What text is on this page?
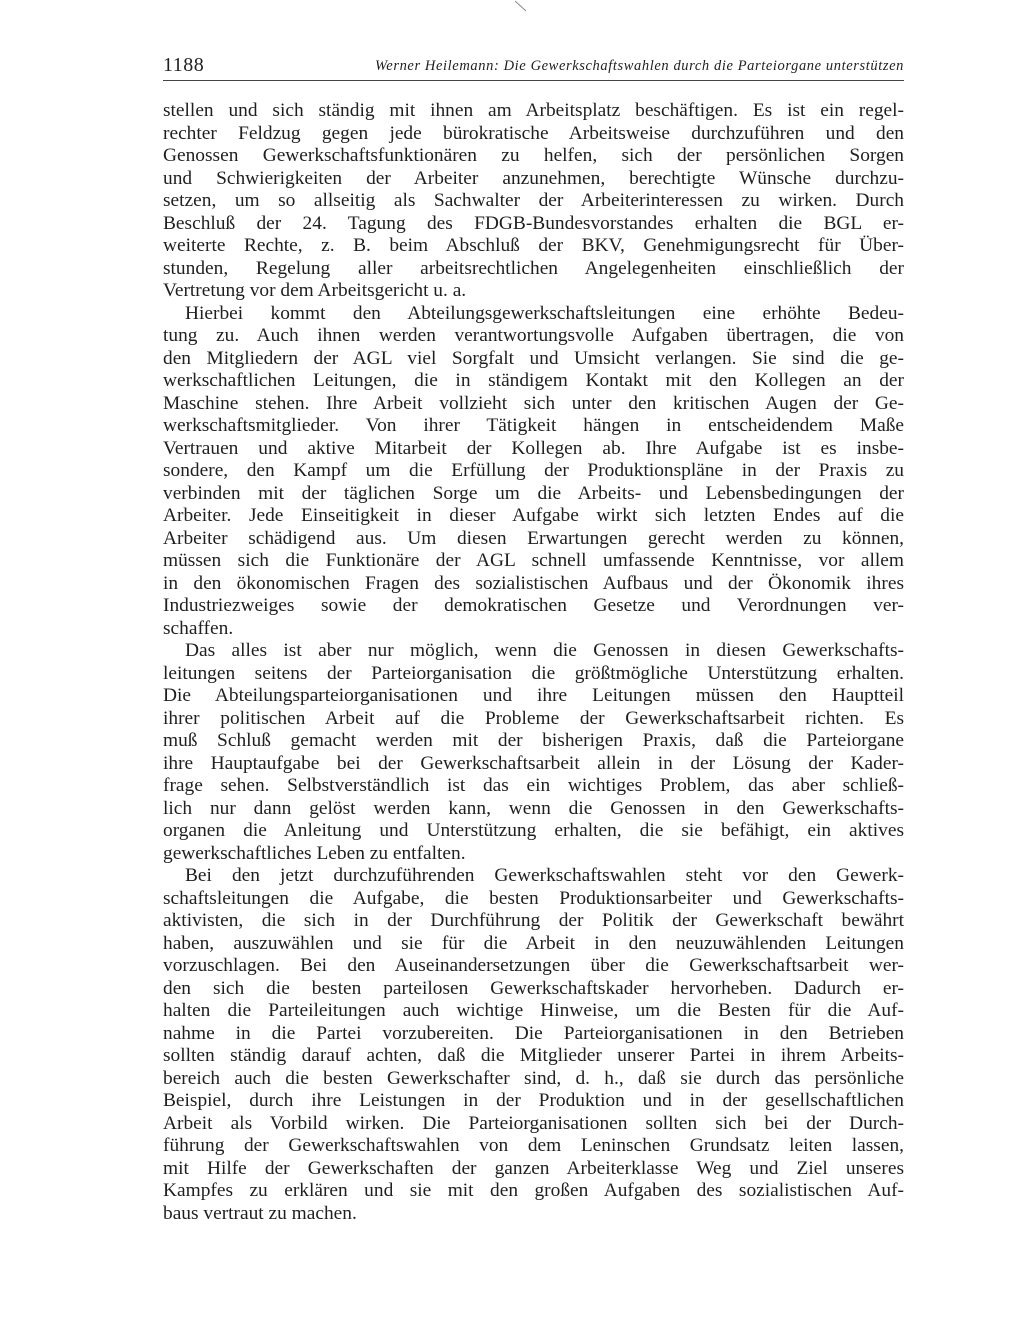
1188	Werner Heilemann: Die Gewerkschaftswahlen durch die Parteiorgane unterstützen
stellen und sich ständig mit ihnen am Arbeitsplatz beschäftigen. Es ist ein regel-
rechter Feldzug gegen jede bürokratische Arbeitsweise durchzuführen und den
Genossen Gewerkschaftsfunktionären zu helfen, sich der persönlichen Sorgen
und Schwierigkeiten der Arbeiter anzunehmen, berechtigte Wünsche durchzu-
setzen, um so allseitig als Sachwalter der Arbeiterinteressen zu wirken. Durch
Beschluß der 24. Tagung des FDGB-Bundesvorstandes erhalten die BGL er-
weiterte Rechte, z. B. beim Abschluß der BKV, Genehmigungsrecht für Über-
stunden, Regelung aller arbeitsrechtlichen Angelegenheiten einschließlich der
Vertretung vor dem Arbeitsgericht u. a.
Hierbei kommt den Abteilungsgewerkschaftsleitungen eine erhöhte Bedeu-
tung zu. Auch ihnen werden verantwortungsvolle Aufgaben übertragen, die von
den Mitgliedern der AGL viel Sorgfalt und Umsicht verlangen. Sie sind die ge-
werkschaftlichen Leitungen, die in ständigem Kontakt mit den Kollegen an der
Maschine stehen. Ihre Arbeit vollzieht sich unter den kritischen Augen der Ge-
werkschaftsmitglieder. Von ihrer Tätigkeit hängen in entscheidendem Maße
Vertrauen und aktive Mitarbeit der Kollegen ab. Ihre Aufgabe ist es insbe-
sondere, den Kampf um die Erfüllung der Produktionspläne in der Praxis zu
verbinden mit der täglichen Sorge um die Arbeits- und Lebensbedingungen der
Arbeiter. Jede Einseitigkeit in dieser Aufgabe wirkt sich letzten Endes auf die
Arbeiter schädigend aus. Um diesen Erwartungen gerecht werden zu können,
müssen sich die Funktionäre der AGL schnell umfassende Kenntnisse, vor allem
in den ökonomischen Fragen des sozialistischen Aufbaus und der Ökonomik ihres
Industriezweiges sowie der demokratischen Gesetze und Verordnungen ver-
schaffen.
Das alles ist aber nur möglich, wenn die Genossen in diesen Gewerkschafts-
leitungen seitens der Parteiorganisation die größtmögliche Unterstützung erhalten.
Die Abteilungsparteiorganisationen und ihre Leitungen müssen den Hauptteil
ihrer politischen Arbeit auf die Probleme der Gewerkschaftsarbeit richten. Es
muß Schluß gemacht werden mit der bisherigen Praxis, daß die Parteiorgane
ihre Hauptaufgabe bei der Gewerkschaftsarbeit allein in der Lösung der Kader-
frage sehen. Selbstverständlich ist das ein wichtiges Problem, das aber schließ-
lich nur dann gelöst werden kann, wenn die Genossen in den Gewerkschafts-
organen die Anleitung und Unterstützung erhalten, die sie befähigt, ein aktives
gewerkschaftliches Leben zu entfalten.
Bei den jetzt durchzuführenden Gewerkschaftswahlen steht vor den Gewerk-
schaftsleitungen die Aufgabe, die besten Produktionsarbeiter und Gewerkschafts-
aktivisten, die sich in der Durchführung der Politik der Gewerkschaft bewährt
haben, auszuwählen und sie für die Arbeit in den neuzuwählenden Leitungen
vorzuschlagen. Bei den Auseinandersetzungen über die Gewerkschaftsarbeit wer-
den sich die besten parteilosen Gewerkschaftskader hervorheben. Dadurch er-
halten die Parteileitungen auch wichtige Hinweise, um die Besten für die Auf-
nahme in die Partei vorzubereiten. Die Parteiorganisationen in den Betrieben
sollten ständig darauf achten, daß die Mitglieder unserer Partei in ihrem Arbeits-
bereich auch die besten Gewerkschafter sind, d. h., daß sie durch das persönliche
Beispiel, durch ihre Leistungen in der Produktion und in der gesellschaftlichen
Arbeit als Vorbild wirken. Die Parteiorganisationen sollten sich bei der Durch-
führung der Gewerkschaftswahlen von dem Leninschen Grundsatz leiten lassen,
mit Hilfe der Gewerkschaften der ganzen Arbeiterklasse Weg und Ziel unseres
Kampfes zu erklären und sie mit den großen Aufgaben des sozialistischen Auf-
baus vertraut zu machen.
